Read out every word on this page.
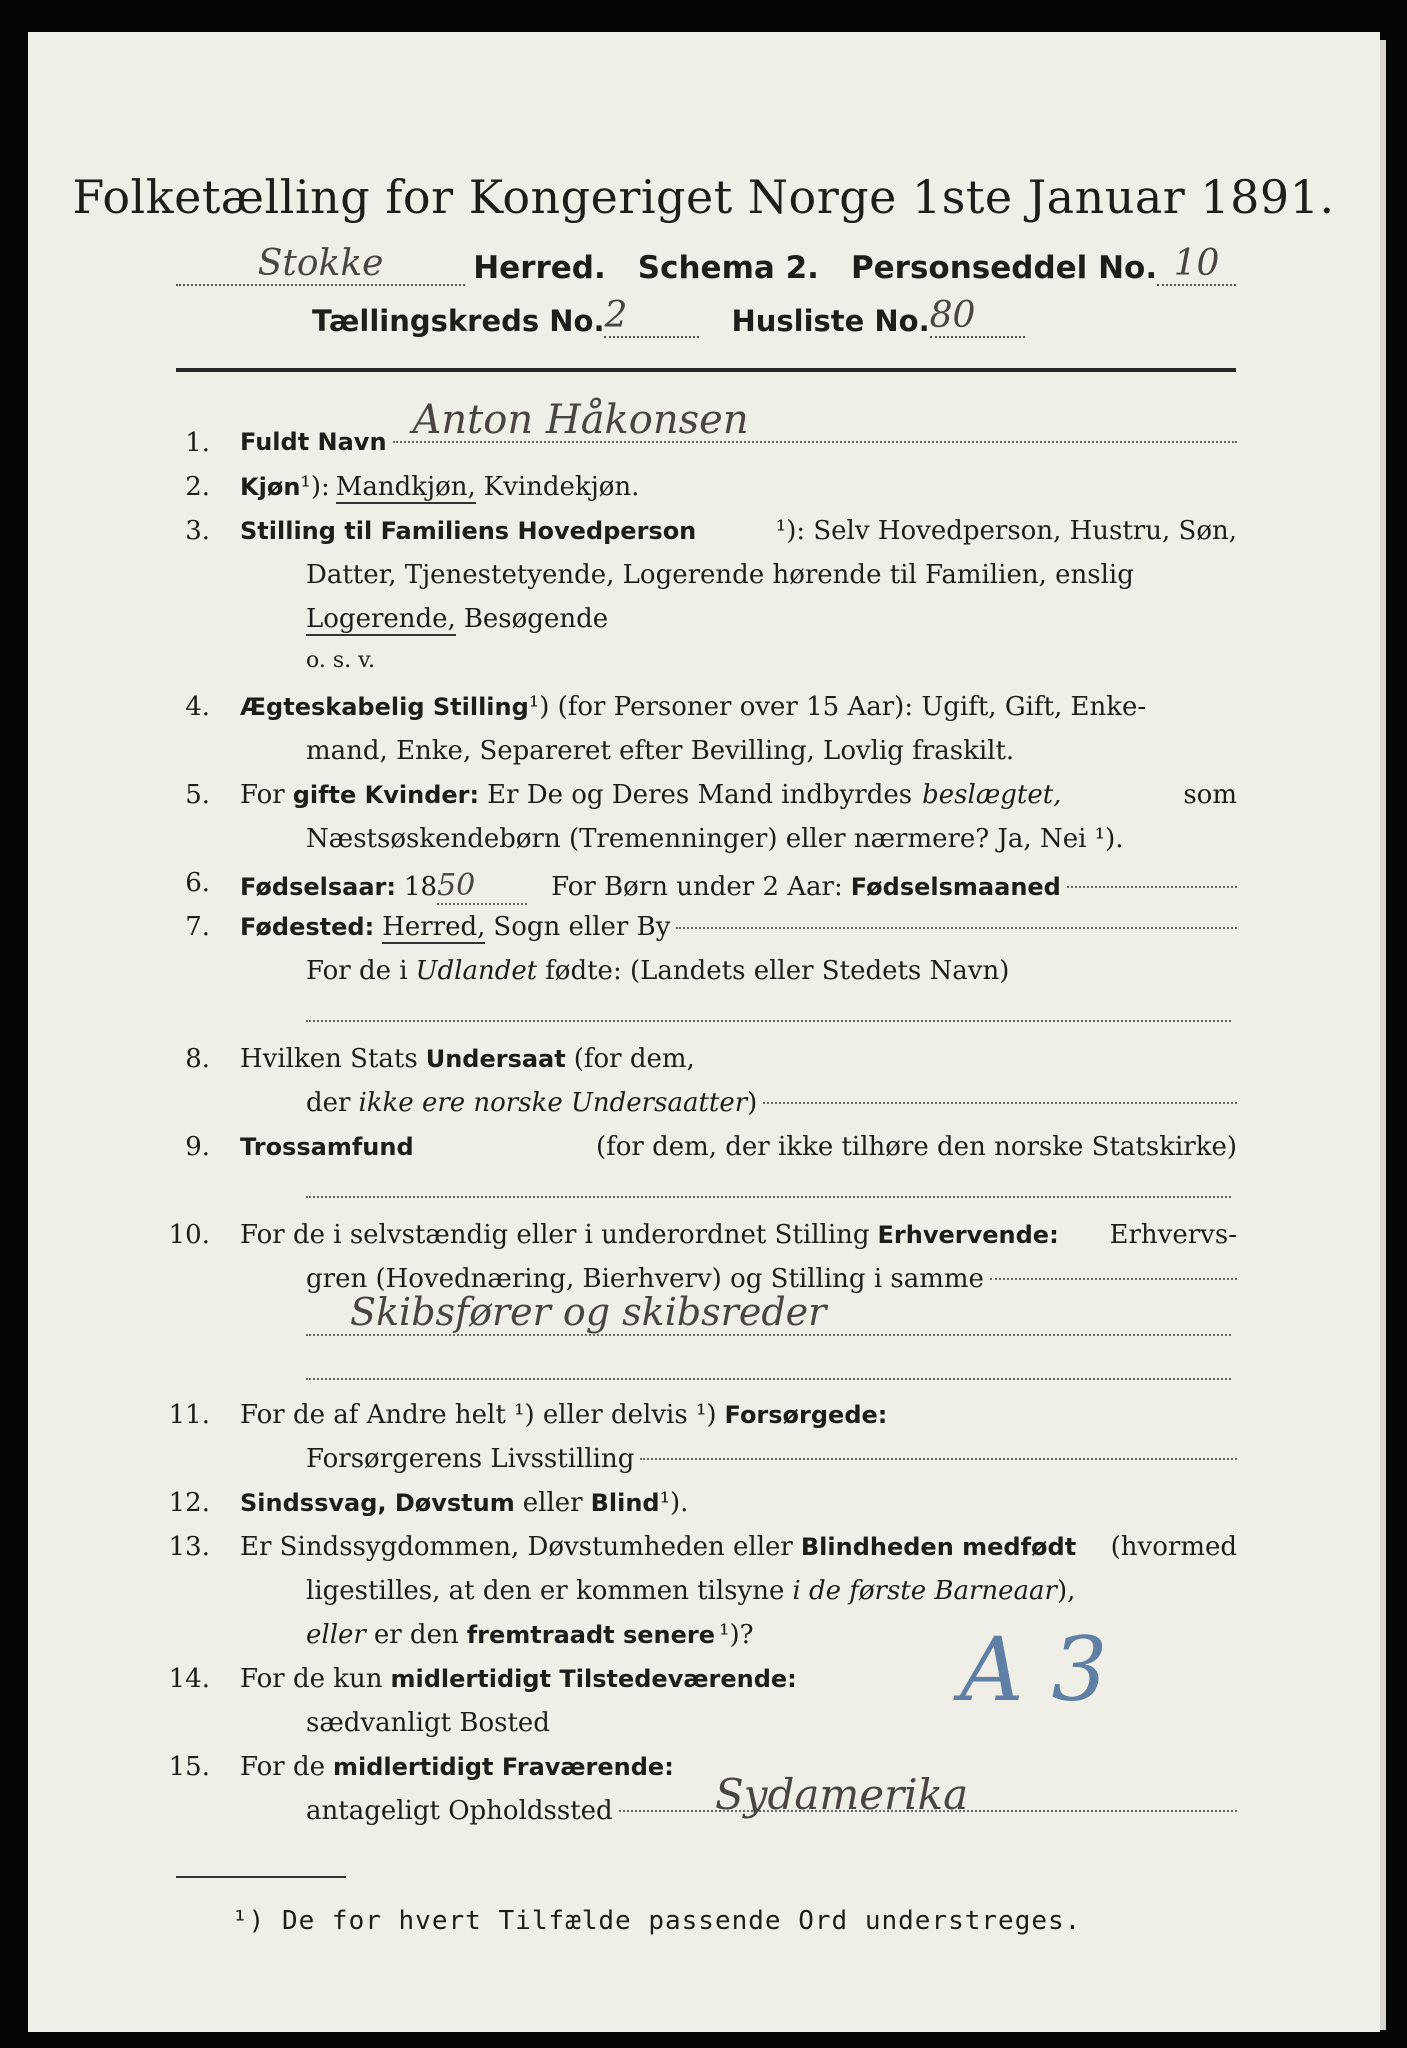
Folketælling for Kongeriget Norge 1ste Januar 1891.
Stokke	Herred. Schema 2. Personseddel No. 10
Tællingskreds No. 2	Husliste No. 80
1. Fuldt Navn Anton Håkonsen
2. Kjøn ¹): Mandkjøn, Kvindekjøn.
3. Stilling til Familiens Hovedperson	¹): Selv Hovedperson, Hustru, Søn,
Datter, Tjenestetyende, Logerende hørende til Familien, enslig
Logerende, Besøgende
o. s. v.
4. Ægteskabelig Stilling ¹) (for Personer over 15 Aar): Ugift, Gift, Enke-
mand, Enke, Separeret efter Bevilling, Lovlig fraskilt.
5. For gifte Kvinder: Er De og Deres Mand indbyrdes beslægtet,	som
Næstsøskendebørn (Tremenninger) eller nærmere? Ja, Nei ¹).
6. Fødselsaar: 18 50	For Børn under 2 Aar: Fødselsmaaned
7. Fødested: Herred, Sogn eller By
For de i Udlandet fødte: (Landets eller Stedets Navn)
8. Hvilken Stats Undersaat (for dem,
der ikke ere norske Undersaatter )
9. Trossamfund	(for dem, der ikke tilhøre den norske Statskirke)
10. For de i selvstændig eller i underordnet Stilling Erhvervende: Erhvervs-
gren (Hovednæring, Bierhverv) og Stilling i samme
Skibsfører og skibsreder
11. For de af Andre helt ¹) eller delvis ¹) Forsørgede:
Forsørgerens Livsstilling
12. Sindssvag, Døvstum eller Blind ¹).
13. Er Sindssygdommen, Døvstumheden eller Blindheden medfødt (hvormed
ligestilles, at den er kommen tilsyne i de første Barneaar ),
eller er den fremtraadt senere ¹)?
14. For de kun midlertidigt Tilstedeværende:
sædvanligt Bosted
A 3
15. For de midlertidigt Fraværende:
antageligt Opholdssted Sydamerika
¹) De for hvert Tilfælde passende Ord understreges.
